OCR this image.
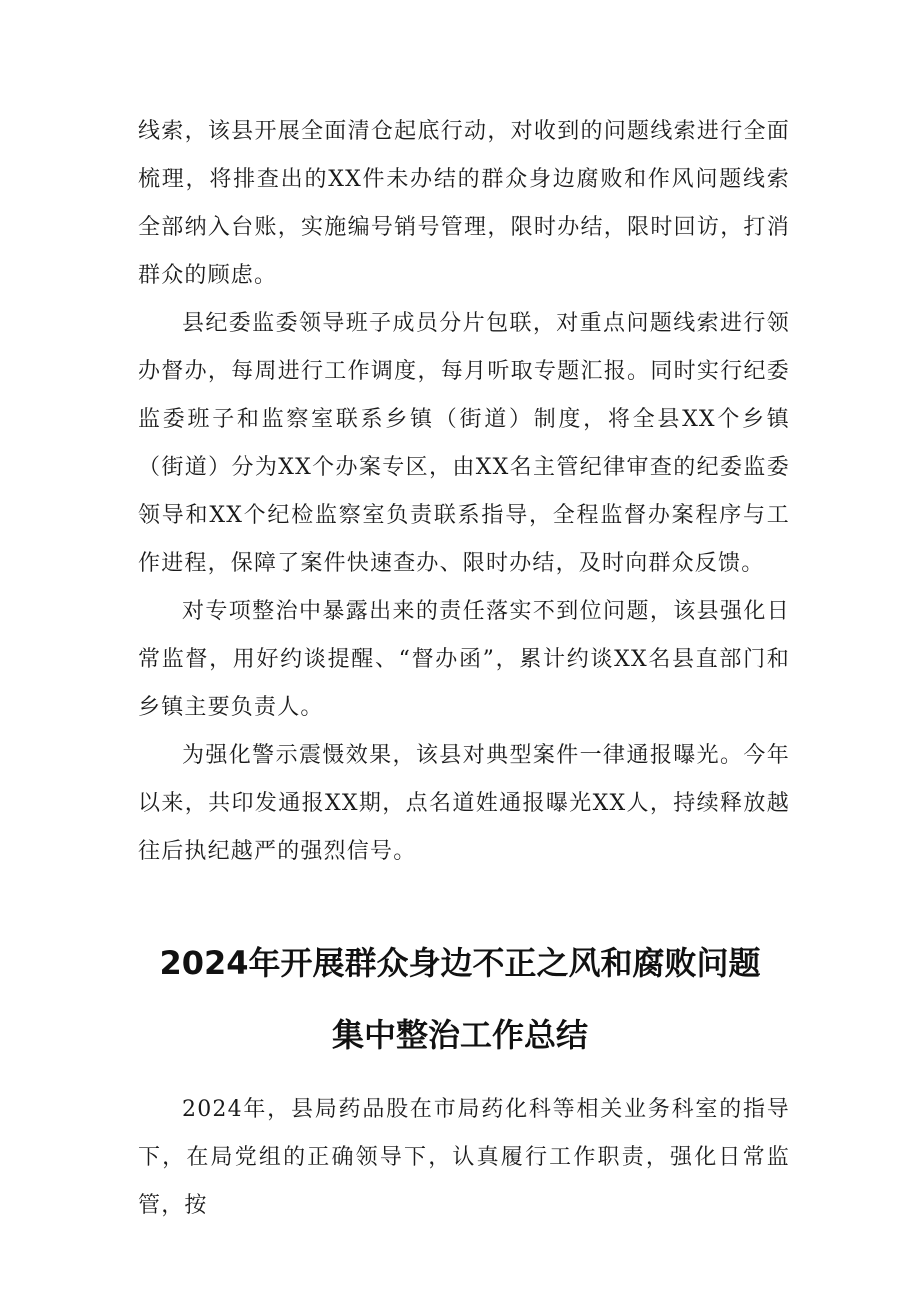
线索，该县开展全面清仓起底行动，对收到的问题线索进行全面梳理，将排查出的XX件未办结的群众身边腐败和作风问题线索全部纳入台账，实施编号销号管理，限时办结，限时回访，打消群众的顾虑。

县纪委监委领导班子成员分片包联，对重点问题线索进行领办督办，每周进行工作调度，每月听取专题汇报。同时实行纪委监委班子和监察室联系乡镇（街道）制度，将全县XX个乡镇（街道）分为XX个办案专区，由XX名主管纪律审查的纪委监委领导和XX个纪检监察室负责联系指导，全程监督办案程序与工作进程，保障了案件快速查办、限时办结，及时向群众反馈。

对专项整治中暴露出来的责任落实不到位问题，该县强化日常监督，用好约谈提醒、“督办函”，累计约谈XX名县直部门和乡镇主要负责人。

为强化警示震慑效果，该县对典型案件一律通报曝光。今年以来，共印发通报XX期，点名道姓通报曝光XX人，持续释放越往后执纪越严的强烈信号。

2024年开展群众身边不正之风和腐败问题
集中整治工作总结

2024年，县局药品股在市局药化科等相关业务科室的指导下，在局党组的正确领导下，认真履行工作职责，强化日常监管，按
